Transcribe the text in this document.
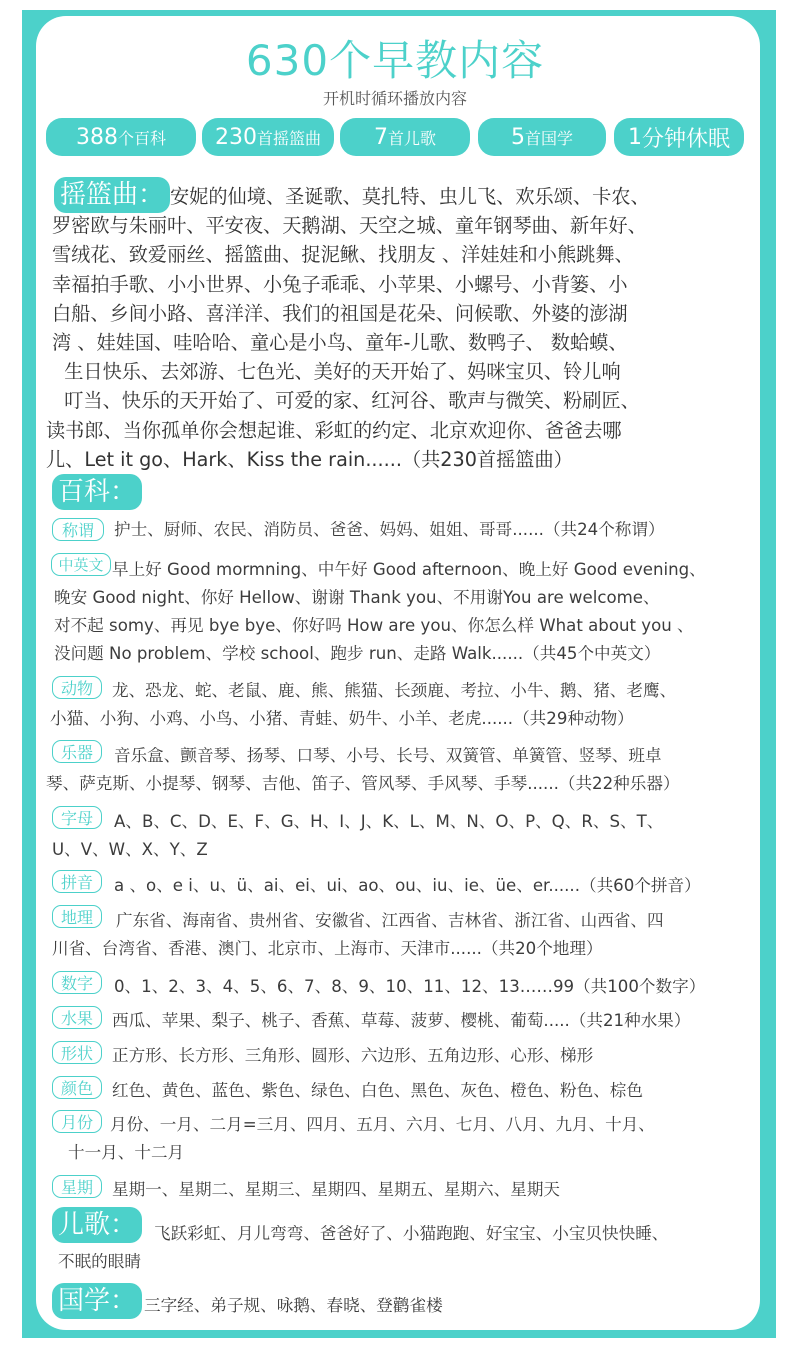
630个早教内容
开机时循环播放内容
388 个百科 230 首摇篮曲 7 首儿歌	5 首国学 1 分钟休眠
摇篮曲： 安妮的仙境、圣诞歌、莫扎特、虫儿飞、欢乐颂、卡农、
罗密欧与朱丽叶、平安夜、天鹅湖、天空之城、童年钢琴曲、新年好、
雪绒花、致爱丽丝、摇篮曲、捉泥鳅、找朋友 、洋娃娃和小熊跳舞、
幸福拍手歌、小小世界、小兔子乖乖、小苹果、小螺号、小背篓、小
白船、乡间小路、喜洋洋、我们的祖国是花朵、问候歌、外婆的澎湖
湾 、娃娃国、哇哈哈、童心是小鸟、童年-儿歌、数鸭子、 数蛤蟆、
生日快乐、去郊游、七色光、美好的天开始了、妈咪宝贝、铃儿响
叮当、快乐的天开始了、可爱的家、红河谷、歌声与微笑、粉刷匠、
读书郎、当你孤单你会想起谁、彩虹的约定、北京欢迎你、爸爸去哪
儿、Let it go、Hark、Kiss the rain......（共230首摇篮曲）
百科：
称谓	护士、厨师、农民、消防员、爸爸、妈妈、姐姐、哥哥......（共24个称谓）
中英文 早上好 Good mormning、中午好 Good afternoon、晚上好 Good evening、
晚安 Good night、你好 Hellow、谢谢 Thank you、不用谢You are welcome、
对不起 somy、再见 bye bye、你好吗 How are you、你怎么样 What about you 、
没问题 No problem、学校 school、跑步 run、走路 Walk......（共45个中英文）
动物	龙、恐龙、蛇、老鼠、鹿、熊、熊猫、长颈鹿、考拉、小牛、鹅、猪、老鹰、
小猫、小狗、小鸡、小鸟、小猪、青蛙、奶牛、小羊、老虎......（共29种动物）
乐器	音乐盒、颤音琴、扬琴、口琴、小号、长号、双簧管、单簧管、竖琴、班卓
琴、萨克斯、小提琴、钢琴、吉他、笛子、管风琴、手风琴、手琴......（共22种乐器）
字母	A、B、C、D、E、F、G、H、I、J、K、L、M、N、O、P、Q、R、S、T、
U、V、W、X、Y、Z
拼音	a 、o、e i、u、ü、ai、ei、ui、ao、ou、iu、ie、üe、er......（共60个拼音）
地理	广东省、海南省、贵州省、安徽省、江西省、吉林省、浙江省、山西省、四
川省、台湾省、香港、澳门、北京市、上海市、天津市......（共20个地理）
数字	0、1、2、3、4、5、6、7、8、9、10、11、12、13……99（共100个数字）
水果	西瓜、苹果、梨子、桃子、香蕉、草莓、菠萝、樱桃、葡萄.....（共21种水果）
形状	正方形、长方形、三角形、圆形、六边形、五角边形、心形、梯形
颜色	红色、黄色、蓝色、紫色、绿色、白色、黑色、灰色、橙色、粉色、棕色
月份	月份、一月、二月=三月、四月、五月、六月、七月、八月、九月、十月、
十一月、十二月
星期	星期一、星期二、星期三、星期四、星期五、星期六、星期天
儿歌：	飞跃彩虹、月儿弯弯、爸爸好了、小猫跑跑、好宝宝、小宝贝快快睡、
不眠的眼睛
国学： 三字经、弟子规、咏鹅、春晓、登鹳雀楼
